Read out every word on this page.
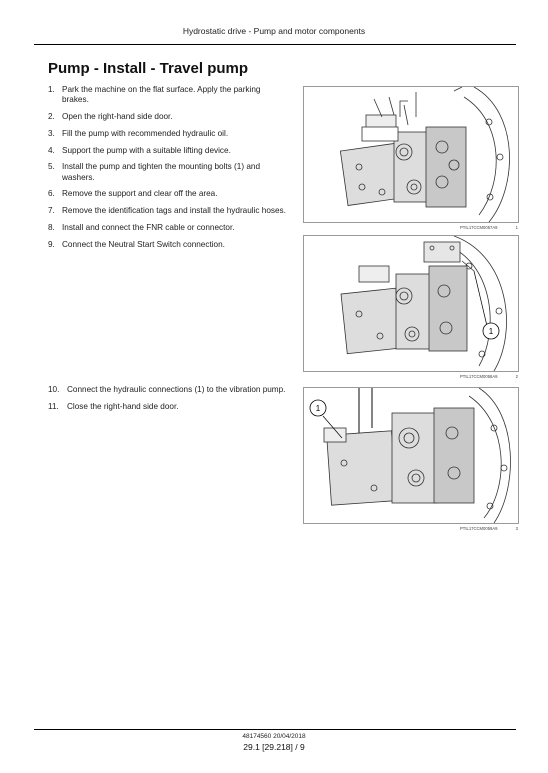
Hydrostatic drive - Pump and motor components
Pump - Install - Travel pump
1. Park the machine on the flat surface. Apply the parking brakes.
2. Open the right-hand side door.
3. Fill the pump with recommended hydraulic oil.
4. Support the pump with a suitable lifting device.
5. Install the pump and tighten the mounting bolts (1) and washers.
6. Remove the support and clear off the area.
7. Remove the identification tags and install the hydraulic hoses.
8. Install and connect the FNR cable or connector.
9. Connect the Neutral Start Switch connection.
10. Connect the hydraulic connections (1) to the vibration pump.
11.	Close the right-hand side door.
PTIL17CCM0057A9	1
1
PTIL17CCM0058A9	2
1
PTIL17CCM0059A9	3
48174560 20/04/2018
29.1 [29.218] / 9
